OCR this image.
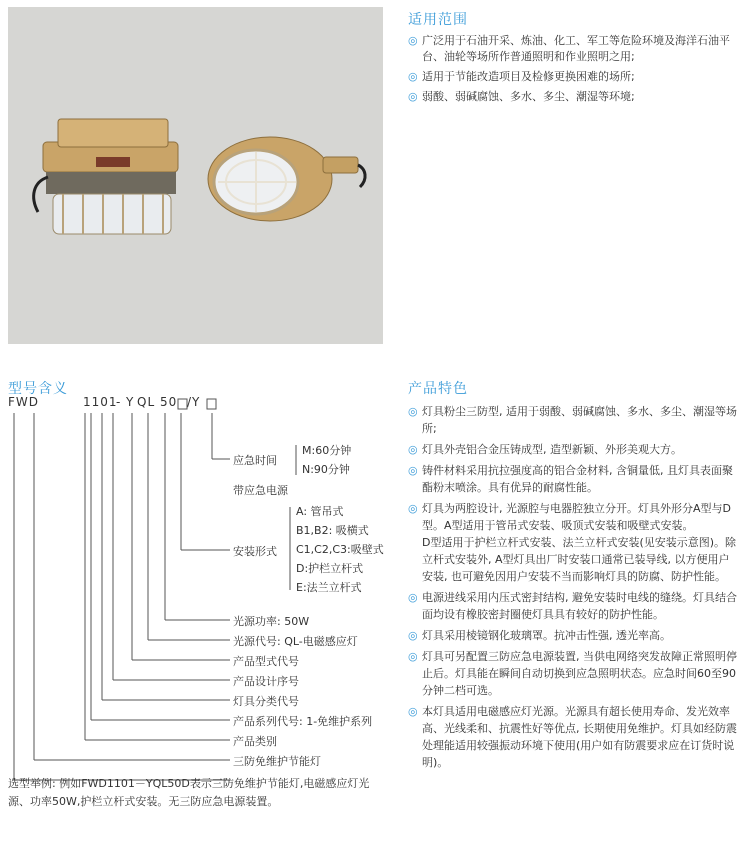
适用范围
◎ 广泛用于石油开采、炼油、化工、军工等危险环境及海洋石油平台、油轮等场所作普通照明和作业照明之用;
◎ 适用于节能改造项目及检修更换困难的场所;
◎ 弱酸、弱碱腐蚀、多水、多尘、潮湿等环境;
型号含义
FWD	1101
- Y QL 50 /Y
应急时间
M:60分钟
N:90分钟
带应急电源
安装形式
A: 管吊式
B1,B2: 吸横式
C1,C2,C3:吸壁式
D:护栏立杆式
E:法兰立杆式
光源功率: 50W
光源代号: QL-电磁感应灯
产品型式代号
产品设计序号
灯具分类代号
产品系列代号: 1-免维护系列
产品类别
三防免维护节能灯
选型举例: 例如FWD1101－YQL50D表示三防免维护节能灯,电磁感应灯光源、功率50W,护栏立杆式安装。无三防应急电源装置。
产品特色
◎ 灯具粉尘三防型, 适用于弱酸、弱碱腐蚀、多水、多尘、潮湿等场所;
◎ 灯具外壳铝合金压铸成型, 造型新颖、外形美观大方。
◎ 铸件材料采用抗拉强度高的铝合金材料, 含铜量低, 且灯具表面聚酯粉末喷涂。具有优异的耐腐性能。
◎ 灯具为两腔设计, 光源腔与电器腔独立分开。灯具外形分A型与D型。A型适用于管吊式安装、吸顶式安装和吸壁式安装。
D型适用于护栏立杆式安装、法兰立杆式安装(见安装示意图)。除立杆式安装外, A型灯具出厂时安装口通常已装导线, 以方便用户安装, 也可避免因用户安装不当而影响灯具的防腐、防护性能。
◎ 电源进线采用内压式密封结构, 避免安装时电线的缝绕。灯具结合面均设有橡胶密封圈使灯具具有较好的防护性能。
◎ 灯具采用棱镜钢化玻璃罩。抗冲击性强, 透光率高。
◎ 灯具可另配置三防应急电源装置, 当供电网络突发故障正常照明停止后。灯具能在瞬间自动切换到应急照明状态。应急时间60至90分钟二档可选。
◎ 本灯具适用电磁感应灯光源。光源具有超长使用寿命、发光效率高、光线柔和、抗震性好等优点, 长期使用免维护。灯具如经防震处理能适用较强振动环境下使用(用户如有防震要求应在订货时说明)。
